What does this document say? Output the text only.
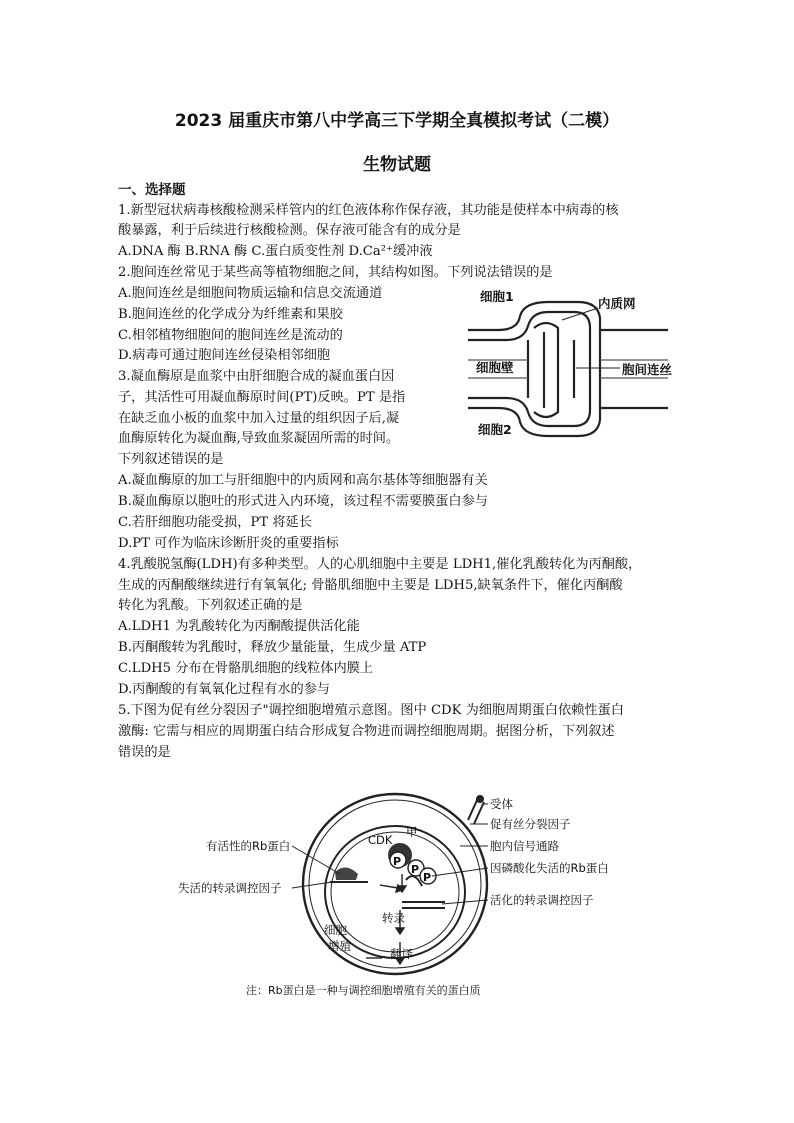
2023 届重庆市第八中学高三下学期全真模拟考试（二模）
生物试题
一、选择题
1.新型冠状病毒核酸检测采样管内的红色液体称作保存液，其功能是使样本中病毒的核
酸暴露，利于后续进行核酸检测。保存液可能含有的成分是
A.DNA 酶 B.RNA 酶 C.蛋白质变性剂 D.Ca²⁺缓冲液
2.胞间连丝常见于某些高等植物细胞之间，其结构如图。下列说法错误的是
A.胞间连丝是细胞间物质运输和信息交流通道
B.胞间连丝的化学成分为纤维素和果胶
C.相邻植物细胞间的胞间连丝是流动的
D.病毒可通过胞间连丝侵染相邻细胞
细胞1	内质网
细胞壁	胞间连丝
细胞2
3.凝血酶原是血浆中由肝细胞合成的凝血蛋白因
子，其活性可用凝血酶原时间(PT)反映。PT 是指
在缺乏血小板的血浆中加入过量的组织因子后,凝
血酶原转化为凝血酶,导致血浆凝固所需的时间。
下列叙述错误的是
A.凝血酶原的加工与肝细胞中的内质网和高尔基体等细胞器有关
B.凝血酶原以胞吐的形式进入内环境，该过程不需要膜蛋白参与
C.若肝细胞功能受损，PT 将延长
D.PT 可作为临床诊断肝炎的重要指标
4.乳酸脱氢酶(LDH)有多种类型。人的心肌细胞中主要是 LDH1,催化乳酸转化为丙酮酸，
生成的丙酮酸继续进行有氧氧化; 骨骼肌细胞中主要是 LDH5,缺氧条件下，催化丙酮酸
转化为乳酸。下列叙述正确的是
A.LDH1 为乳酸转化为丙酮酸提供活化能
B.丙酮酸转为乳酸时，释放少量能量，生成少量 ATP
C.LDH5 分布在骨骼肌细胞的线粒体内膜上
D.丙酮酸的有氧氧化过程有水的参与
5.下图为促有丝分裂因子"调控细胞增殖示意图。图中 CDK 为细胞周期蛋白依赖性蛋白
激酶: 它需与相应的周期蛋白结合形成复合物进而调控细胞周期。据图分析，下列叙述
错误的是
P
P
P
受体
促有丝分裂因子
胞内信号通路
因磷酸化失活的Rb蛋白
活化的转录调控因子
有活性的Rb蛋白
失活的转录调控因子
CDK
甲
转录
翻译
细胞
增殖
注：Rb蛋白是一种与调控细胞增殖有关的蛋白质
